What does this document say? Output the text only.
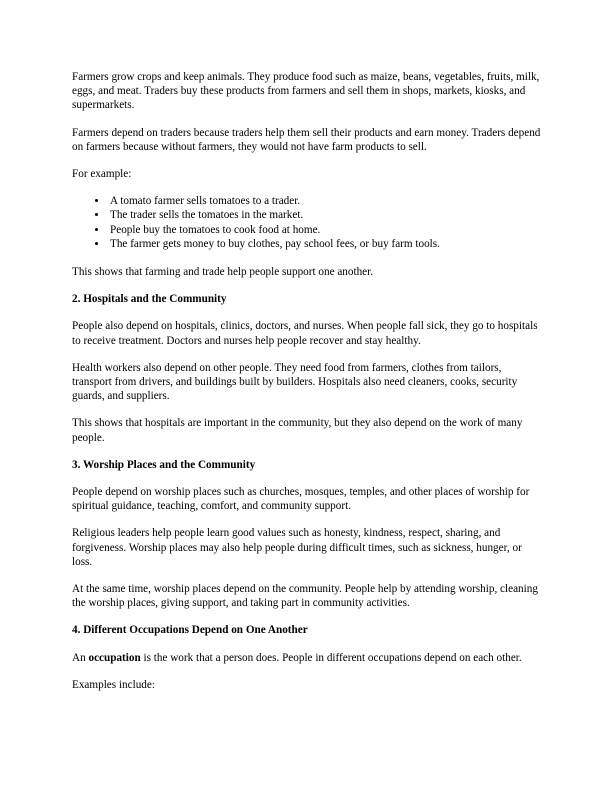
Farmers grow crops and keep animals. They produce food such as maize, beans, vegetables, fruits, milk, eggs, and meat. Traders buy these products from farmers and sell them in shops, markets, kiosks, and supermarkets.

Farmers depend on traders because traders help them sell their products and earn money. Traders depend on farmers because without farmers, they would not have farm products to sell.

For example:

• A tomato farmer sells tomatoes to a trader.
• The trader sells the tomatoes in the market.
• People buy the tomatoes to cook food at home.
• The farmer gets money to buy clothes, pay school fees, or buy farm tools.

This shows that farming and trade help people support one another.

2. Hospitals and the Community

People also depend on hospitals, clinics, doctors, and nurses. When people fall sick, they go to hospitals to receive treatment. Doctors and nurses help people recover and stay healthy.

Health workers also depend on other people. They need food from farmers, clothes from tailors, transport from drivers, and buildings built by builders. Hospitals also need cleaners, cooks, security guards, and suppliers.

This shows that hospitals are important in the community, but they also depend on the work of many people.

3. Worship Places and the Community

People depend on worship places such as churches, mosques, temples, and other places of worship for spiritual guidance, teaching, comfort, and community support.

Religious leaders help people learn good values such as honesty, kindness, respect, sharing, and forgiveness. Worship places may also help people during difficult times, such as sickness, hunger, or loss.

At the same time, worship places depend on the community. People help by attending worship, cleaning the worship places, giving support, and taking part in community activities.

4. Different Occupations Depend on One Another

An occupation is the work that a person does. People in different occupations depend on each other.

Examples include:
